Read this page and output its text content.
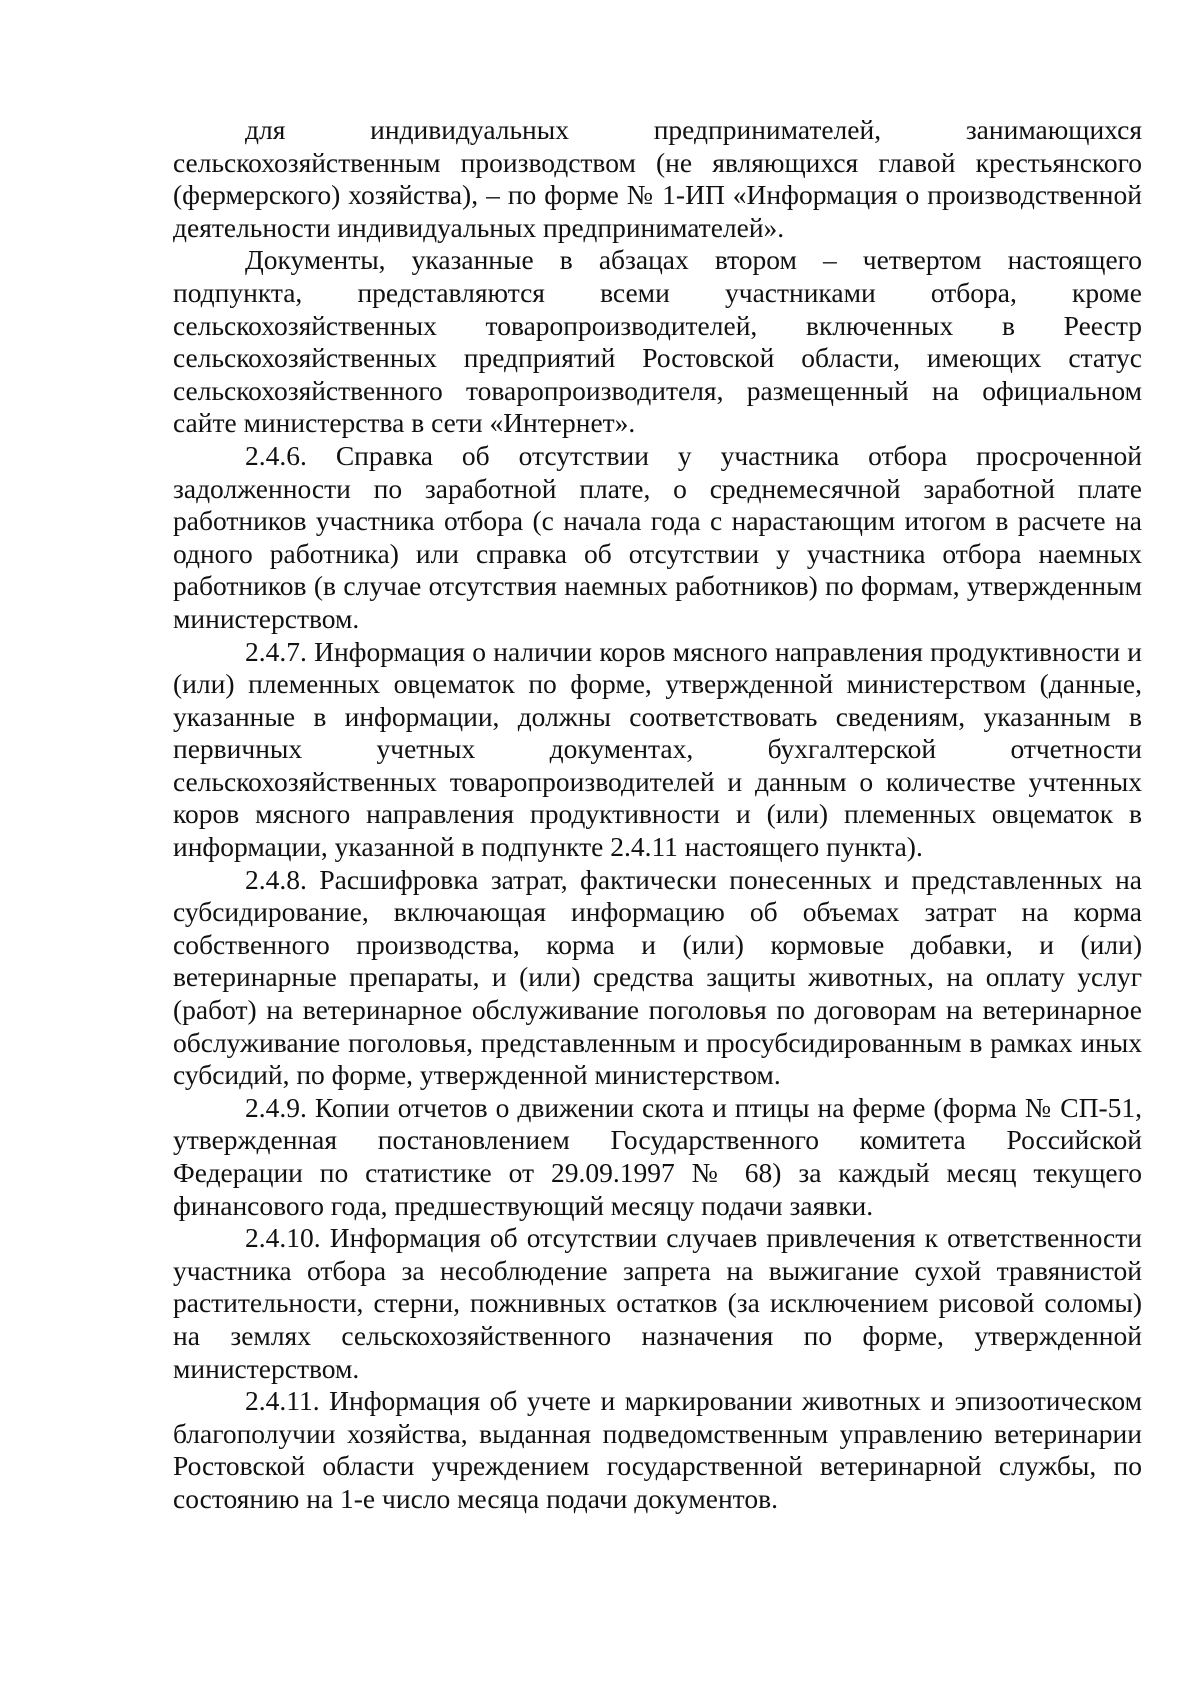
для индивидуальных предпринимателей, занимающихся сельскохозяйственным производством (не являющихся главой крестьянского (фермерского) хозяйства), – по форме № 1-ИП «Информация о производственной деятельности индивидуальных предпринимателей».

Документы, указанные в абзацах втором – четвертом настоящего подпункта, представляются всеми участниками отбора, кроме сельскохозяйственных товаропроизводителей, включенных в Реестр сельскохозяйственных предприятий Ростовской области, имеющих статус сельскохозяйственного товаропроизводителя, размещенный на официальном сайте министерства в сети «Интернет».

2.4.6. Справка об отсутствии у участника отбора просроченной задолженности по заработной плате, о среднемесячной заработной плате работников участника отбора (с начала года с нарастающим итогом в расчете на одного работника) или справка об отсутствии у участника отбора наемных работников (в случае отсутствия наемных работников) по формам, утвержденным министерством.

2.4.7. Информация о наличии коров мясного направления продуктивности и (или) племенных овцематок по форме, утвержденной министерством (данные, указанные в информации, должны соответствовать сведениям, указанным в первичных учетных документах, бухгалтерской отчетности сельскохозяйственных товаропроизводителей и данным о количестве учтенных коров мясного направления продуктивности и (или) племенных овцематок в информации, указанной в подпункте 2.4.11 настоящего пункта).

2.4.8. Расшифровка затрат, фактически понесенных и представленных на субсидирование, включающая информацию об объемах затрат на корма собственного производства, корма и (или) кормовые добавки, и (или) ветеринарные препараты, и (или) средства защиты животных, на оплату услуг (работ) на ветеринарное обслуживание поголовья по договорам на ветеринарное обслуживание поголовья, представленным и просубсидированным в рамках иных субсидий, по форме, утвержденной министерством.

2.4.9. Копии отчетов о движении скота и птицы на ферме (форма № СП-51, утвержденная постановлением Государственного комитета Российской Федерации по статистике от 29.09.1997 № 68) за каждый месяц текущего финансового года, предшествующий месяцу подачи заявки.

2.4.10. Информация об отсутствии случаев привлечения к ответственности участника отбора за несоблюдение запрета на выжигание сухой травянистой растительности, стерни, пожнивных остатков (за исключением рисовой соломы) на землях сельскохозяйственного назначения по форме, утвержденной министерством.

2.4.11. Информация об учете и маркировании животных и эпизоотическом благополучии хозяйства, выданная подведомственным управлению ветеринарии Ростовской области учреждением государственной ветеринарной службы, по состоянию на 1-е число месяца подачи документов.
